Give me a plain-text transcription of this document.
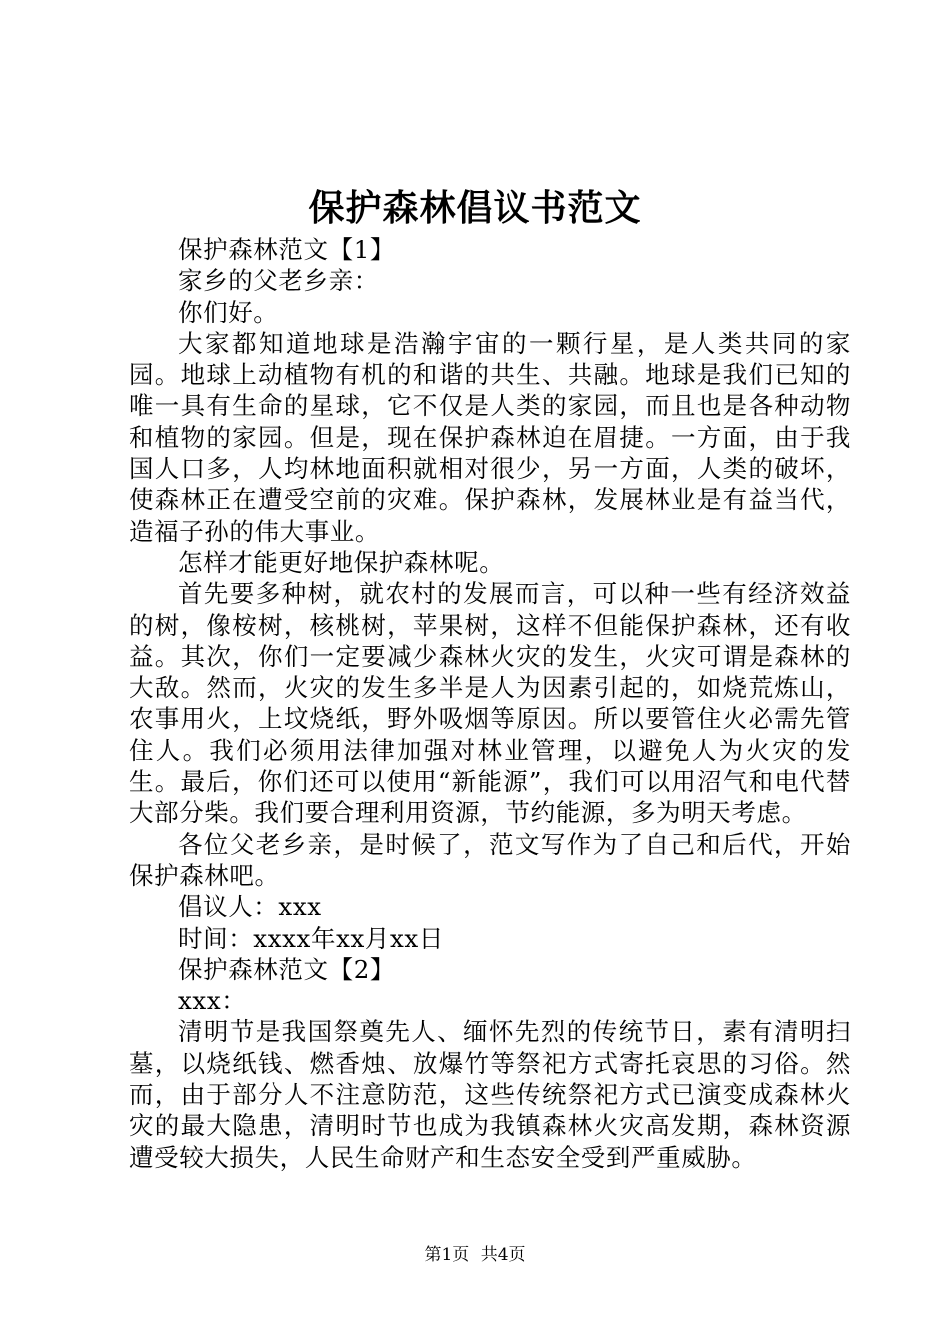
保护森林倡议书范文

保护森林范文【1】

家乡的父老乡亲：

你们好。

大家都知道地球是浩瀚宇宙的一颗行星，是人类共同的家园。地球上动植物有机的和谐的共生、共融。地球是我们已知的唯一具有生命的星球，它不仅是人类的家园，而且也是各种动物和植物的家园。但是，现在保护森林迫在眉捷。一方面，由于我国人口多，人均林地面积就相对很少，另一方面，人类的破坏，使森林正在遭受空前的灾难。保护森林，发展林业是有益当代，造福子孙的伟大事业。

怎样才能更好地保护森林呢。

首先要多种树，就农村的发展而言，可以种一些有经济效益的树，像桉树，核桃树，苹果树，这样不但能保护森林，还有收益。其次，你们一定要减少森林火灾的发生，火灾可谓是森林的大敌。然而，火灾的发生多半是人为因素引起的，如烧荒炼山，农事用火，上坟烧纸，野外吸烟等原因。所以要管住火必需先管住人。我们必须用法律加强对林业管理，以避免人为火灾的发生。最后，你们还可以使用“新能源”，我们可以用沼气和电代替大部分柴。我们要合理利用资源，节约能源，多为明天考虑。

各位父老乡亲，是时候了，范文写作为了自己和后代，开始保护森林吧。

倡议人：xxx

时间：xxxx年xx月xx日

保护森林范文【2】

xxx：

清明节是我国祭奠先人、缅怀先烈的传统节日，素有清明扫墓，以烧纸钱、燃香烛、放爆竹等祭祀方式寄托哀思的习俗。然而，由于部分人不注意防范，这些传统祭祀方式已演变成森林火灾的最大隐患，清明时节也成为我镇森林火灾高发期，森林资源遭受较大损失，人民生命财产和生态安全受到严重威胁。

第1页 共4页
